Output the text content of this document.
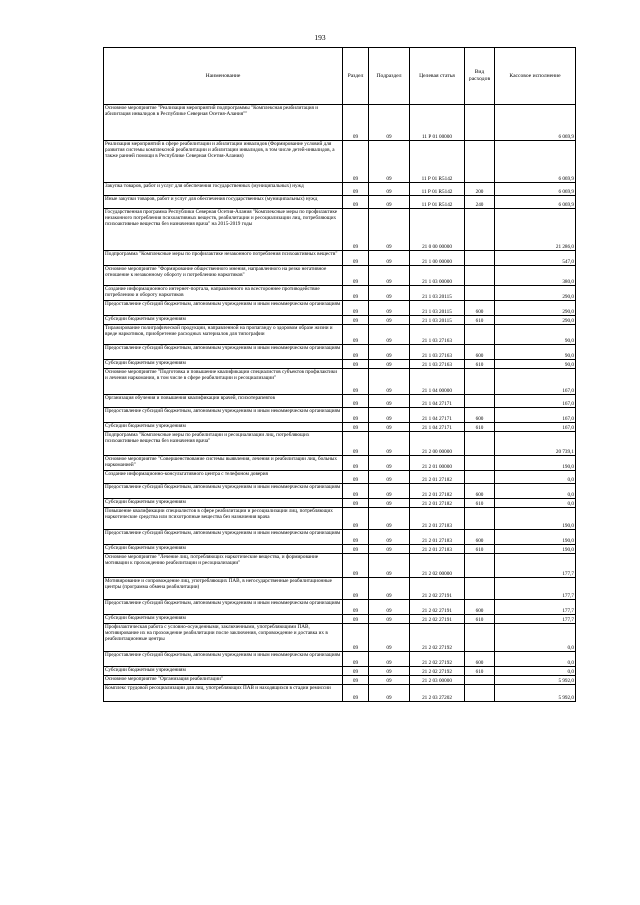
193
Наименование	Раздел	Подраздел	Целевая статья	Вид расходов	Кассовое исполнение
Основное мероприятие "Реализация мероприятий подпрограммы "Комплексная реабилитация и абилитация инвалидов в Республике Северная Осетия-Алания""	09	09	11 Р 01 00000		6 069,9
Реализация мероприятий в сфере реабилитации и абилитации инвалидов (Формирование условий для развития системы комплексной реабилитации и абилитации инвалидов, в том числе детей-инвалидов, а также ранней помощи в Республике Северная Осетия-Алания)	09	09	11 Р 01 R5142		6 069,9
Закупка товаров, работ и услуг для обеспечения государственных (муниципальных) нужд	09	09	11 Р 01 R5142	200	6 069,9
Иные закупки товаров, работ и услуг для обеспечения государственных (муниципальных) нужд	09	09	11 Р 01 R5142	240	6 069,9
Государственная программа Республики Северная Осетия-Алания "Комплексные меры по профилактике незаконного потребления психоактивных веществ, реабилитации и ресоциализации лиц, потребляющих психоактивные вещества без назначения врача" на 2015-2019 годы	09	09	21 0 00 00000		21 286,0
Подпрограмма "Комплексные меры по профилактике незаконного потребления психоактивных веществ"	09	09	21 1 00 00000		547,0
Основное мероприятие "Формирование общественного мнения, направленного на резко негативное отношение к незаконному обороту и потреблению наркотиков"	09	09	21 1 03 00000		380,0
Создание информационного интернет-портала, направленного на всестороннее противодействие потреблению и обороту наркотиков	09	09	21 1 03 20115		290,0
Предоставление субсидий бюджетным, автономным учреждениям и иным некоммерческим организациям	09	09	21 1 03 20115	600	290,0
Субсидии бюджетным учреждениям	09	09	21 1 03 20115	610	290,0
Тиражирование полиграфической продукции, направленной на пропаганду о здоровом образе жизни и вреде наркотиков, приобретение расходных материалов для типографии	09	09	21 1 03 27163		90,0
Предоставление субсидий бюджетным, автономным учреждениям и иным некоммерческим организациям	09	09	21 1 03 27163	600	90,0
Субсидии бюджетным учреждениям	09	09	21 1 03 27163	610	90,0
Основное мероприятие "Подготовка и повышение квалификации специалистов субъектов профилактики и лечения наркомании, в том числе в сфере реабилитации и ресоциализации"	09	09	21 1 04 00000		167,0
Организация обучения и повышения квалификации врачей, психотерапевтов	09	09	21 1 04 27171		167,0
Предоставление субсидий бюджетным, автономным учреждениям и иным некоммерческим организациям	09	09	21 1 04 27171	600	167,0
Субсидии бюджетным учреждениям	09	09	21 1 04 27171	610	167,0
Подпрограмма "Комплексные меры по реабилитации и ресоциализации лиц, потребляющих психоактивные вещества без назначения врача"	09	09	21 2 00 00000		20 739,1
Основное мероприятие "Совершенствование системы выявления, лечения и реабилитации лиц, больных наркоманией"	09	09	21 2 01 00000		190,0
Создание информационно-консультативного центра с телефоном доверия	09	09	21 2 01 27182		0,0
Предоставление субсидий бюджетным, автономным учреждениям и иным некоммерческим организациям	09	09	21 2 01 27182	600	0,0
Субсидии бюджетным учреждениям	09	09	21 2 01 27182	610	0,0
Повышение квалификации специалистов в сфере реабилитации и ресоциализации лиц, потребляющих наркотические средства или психотропные вещества без назначения врача	09	09	21 2 01 27183		190,0
Предоставление субсидий бюджетным, автономным учреждениям и иным некоммерческим организациям	09	09	21 2 01 27183	600	190,0
Субсидии бюджетным учреждениям	09	09	21 2 01 27183	610	190,0
Основное мероприятие "Лечение лиц, потребляющих наркотические вещества, и формирование мотивации к прохождению реабилитации и ресоциализации"	09	09	21 2 02 00000		177,7
Мотивирование и сопровождение лиц, употребляющих ПАВ, в негосударственные реабилитационные центры (программа обмена реабилитации)	09	09	21 2 02 27191		177,7
Предоставление субсидий бюджетным, автономным учреждениям и иным некоммерческим организациям	09	09	21 2 02 27191	600	177,7
Субсидии бюджетным учреждениям	09	09	21 2 02 27191	610	177,7
Профилактическая работа с условно-осужденными, заключенными, употребляющими ПАВ, мотивирование их на прохождение реабилитации после заключения, сопровождение и доставка их в реабилитационные центры	09	09	21 2 02 27192		0,0
Предоставление субсидий бюджетным, автономным учреждениям и иным некоммерческим организациям	09	09	21 2 02 27192	600	0,0
Субсидии бюджетным учреждениям	09	09	21 2 02 27192	610	0,0
Основное мероприятие "Организация реабилитации"	09	09	21 2 03 00000		5 992,0
Комплекс трудовой ресоциализации для лиц, употребляющих ПАВ и находящихся в стадии ремиссии	09	09	21 2 03 27202		5 992,0
